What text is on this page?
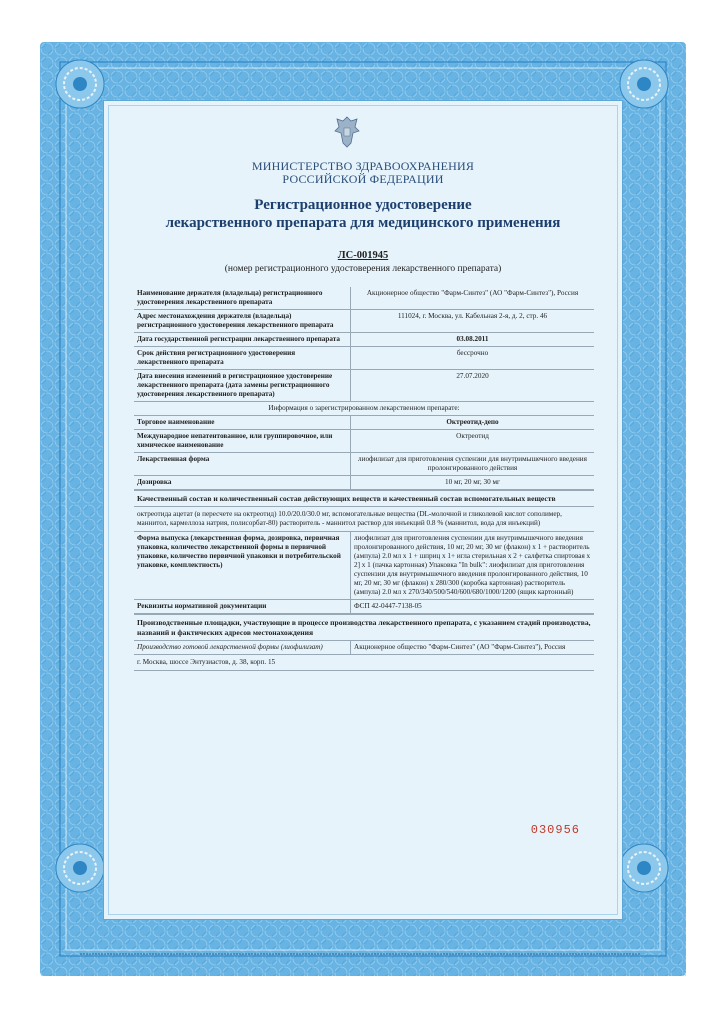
МИНИСТЕРСТВО ЗДРАВООХРАНЕНИЯ
РОССИЙСКОЙ ФЕДЕРАЦИИ
Регистрационное удостоверение
лекарственного препарата для медицинского применения
ЛС-001945
(номер регистрационного удостоверения лекарственного препарата)
Наименование держателя (владельца) регистрационного удостоверения лекарственного препарата	Акционерное общество "Фарм-Синтез" (АО "Фарм-Синтез"), Россия
Адрес местонахождения держателя (владельца) регистрационного удостоверения лекарственного препарата	111024, г. Москва, ул. Кабельная 2-я, д. 2, стр. 46
Дата государственной регистрации лекарственного препарата	03.08.2011
Срок действия регистрационного удостоверения лекарственного препарата	бессрочно
Дата внесения изменений в регистрационное удостоверение лекарственного препарата (дата замены регистрационного удостоверения лекарственного препарата)	27.07.2020
Информация о зарегистрированном лекарственном препарате:
Торговое наименование	Октреотид-депо
Международное непатентованное, или группировочное, или химическое наименование	Октреотид
Лекарственная форма	лиофилизат для приготовления суспензии для внутримышечного введения пролонгированного действия
Дозировка	10 мг, 20 мг, 30 мг
Качественный состав и количественный состав действующих веществ и качественный состав вспомогательных веществ
октреотида ацетат (в пересчете на октреотид) 10.0/20.0/30.0 мг, вспомогательные вещества (DL-молочной и гликолевой кислот сополимер, маннитол, кармеллоза натрия, полисорбат-80) растворитель - маннитол раствор для инъекций 0.8 % (маннитол, вода для инъекций)
Форма выпуска (лекарственная форма, дозировка, первичная упаковка, количество лекарственной формы в первичной упаковке, количество первичной упаковки и потребительской упаковке, комплектность)	лиофилизат для приготовления суспензии для внутримышечного введения пролонгированного действия, 10 мг, 20 мг, 30 мг (флакон) х 1 + растворитель (ампула) 2.0 мл х 1 + шприц х 1+ игла стерильная х 2 + салфетка спиртовая х 2] х 1 (пачка картонная) Упаковка "In bulk": лиофилизат для приготовления суспензии для внутримышечного введения пролонгированного действия, 10 мг, 20 мг, 30 мг (флакон) х 280/300 (коробка картонная) растворитель (ампула) 2.0 мл х 270/340/500/540/600/680/1000/1200 (ящик картонный)
Реквизиты нормативной документации	ФСП 42-0447-7138-05
Производственные площадки, участвующие в процессе производства лекарственного препарата, с указанием стадий производства, названий и фактических адресов местонахождения
Производство готовой лекарственной формы (лиофилизат)	Акционерное общество "Фарм-Синтез" (АО "Фарм-Синтез"), Россия
г. Москва, шоссе Энтузиастов, д. 38, корп. 15
030956
